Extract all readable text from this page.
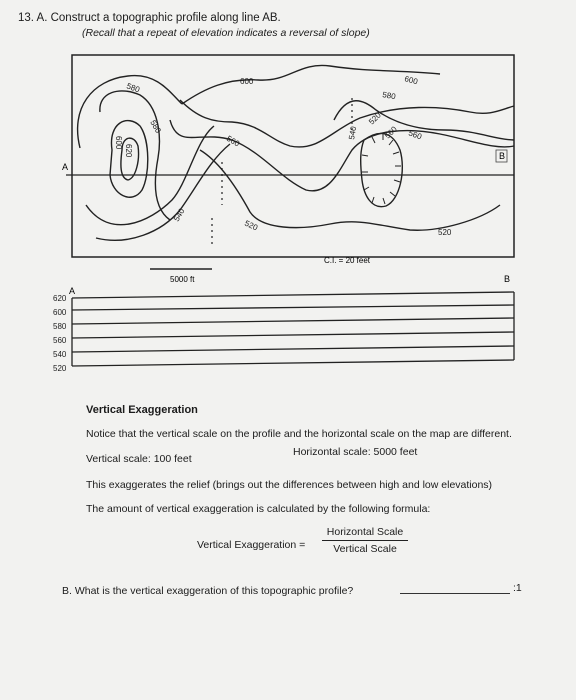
13. A. Construct a topographic profile along line AB.
(Recall that a repeat of elevation indicates a reversal of slope)
A
B
580	600	600
580
580
560
600
620
560
540	560
520
540
520
520
C.I. = 20 feet
5000 ft
A
B
620
600
580
560
540
520
Vertical Exaggeration
Notice that the vertical scale on the profile and the horizontal scale on the map are different.
Vertical scale: 100 feet
Horizontal scale: 5000 feet
This exaggerates the relief (brings out the differences between high and low elevations)
The amount of vertical exaggeration is calculated by the following formula:
Vertical Exaggeration =
Horizontal Scale
Vertical Scale
B. What is the vertical exaggeration of this topographic profile?	:1
